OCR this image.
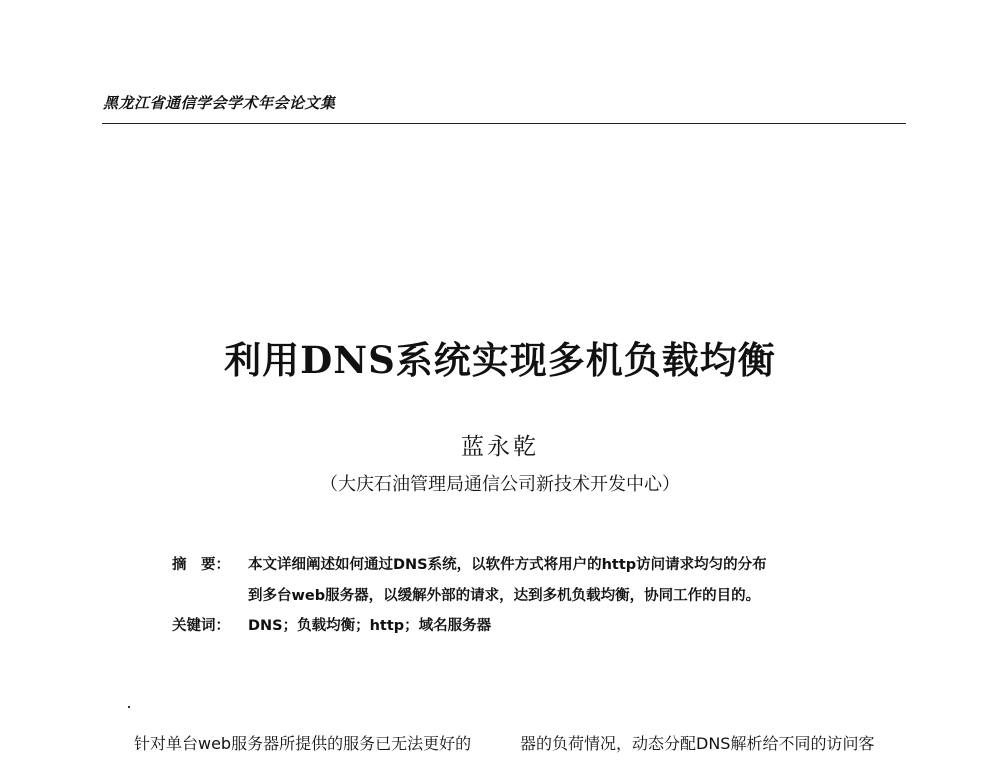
黑龙江省通信学会学术年会论文集
利用DNS系统实现多机负载均衡
蓝永乾
（大庆石油管理局通信公司新技术开发中心）
摘　要： 本文详细阐述如何通过DNS系统，以软件方式将用户的http访问请求均匀的分布
到多台web服务器，以缓解外部的请求，达到多机负载均衡，协同工作的目的。
关键词： DNS；负载均衡；http；域名服务器
针对单台web服务器所提供的服务已无法更好的	器的负荷情况，动态分配DNS解析给不同的访问客
